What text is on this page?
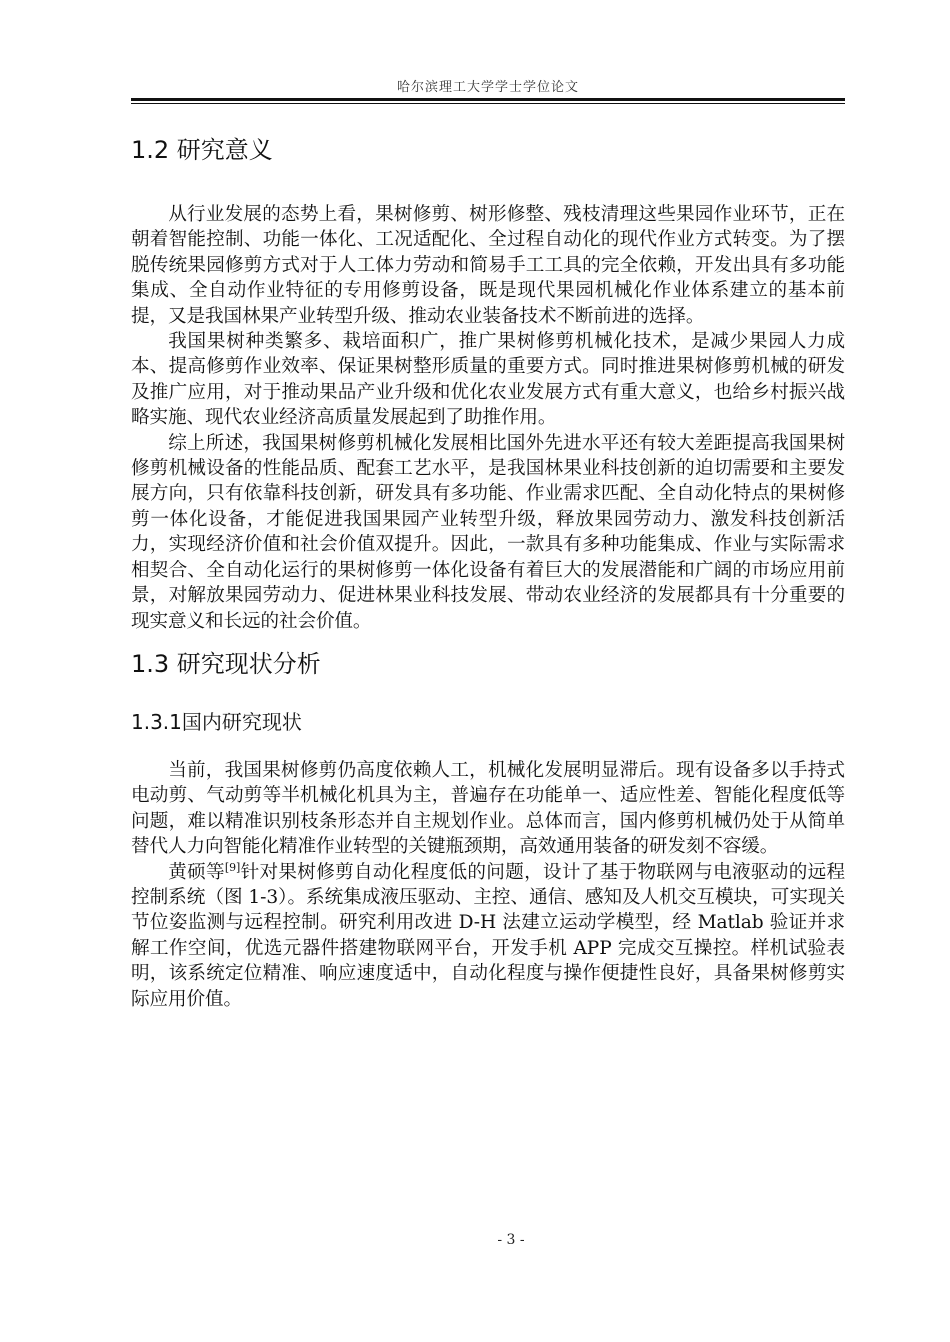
哈尔滨理工大学学士学位论文
1.2 研究意义

从行业发展的态势上看，果树修剪、树形修整、残枝清理这些果园作业环节，正在朝着智能控制、功能一体化、工况适配化、全过程自动化的现代作业方式转变。为了摆脱传统果园修剪方式对于人工体力劳动和简易手工工具的完全依赖，开发出具有多功能集成、全自动作业特征的专用修剪设备，既是现代果园机械化作业体系建立的基本前提，又是我国林果产业转型升级、推动农业装备技术不断前进的选择。

我国果树种类繁多、栽培面积广，推广果树修剪机械化技术，是减少果园人力成本、提高修剪作业效率、保证果树整形质量的重要方式。同时推进果树修剪机械的研发及推广应用，对于推动果品产业升级和优化农业发展方式有重大意义，也给乡村振兴战略实施、现代农业经济高质量发展起到了助推作用。

综上所述，我国果树修剪机械化发展相比国外先进水平还有较大差距提高我国果树修剪机械设备的性能品质、配套工艺水平，是我国林果业科技创新的迫切需要和主要发展方向，只有依靠科技创新，研发具有多功能、作业需求匹配、全自动化特点的果树修剪一体化设备，才能促进我国果园产业转型升级，释放果园劳动力、激发科技创新活力，实现经济价值和社会价值双提升。因此，一款具有多种功能集成、作业与实际需求相契合、全自动化运行的果树修剪一体化设备有着巨大的发展潜能和广阔的市场应用前景，对解放果园劳动力、促进林果业科技发展、带动农业经济的发展都具有十分重要的现实意义和长远的社会价值。

1.3 研究现状分析
1.3.1国内研究现状

当前，我国果树修剪仍高度依赖人工，机械化发展明显滞后。现有设备多以手持式电动剪、气动剪等半机械化机具为主，普遍存在功能单一、适应性差、智能化程度低等问题，难以精准识别枝条形态并自主规划作业。总体而言，国内修剪机械仍处于从简单替代人力向智能化精准作业转型的关键瓶颈期，高效通用装备的研发刻不容缓。

黄硕等[9]针对果树修剪自动化程度低的问题，设计了基于物联网与电液驱动的远程控制系统（图 1-3）。系统集成液压驱动、主控、通信、感知及人机交互模块，可实现关节位姿监测与远程控制。研究利用改进 D-H 法建立运动学模型，经 Matlab 验证并求解工作空间，优选元器件搭建物联网平台，开发手机 APP 完成交互操控。样机试验表明，该系统定位精准、响应速度适中，自动化程度与操作便捷性良好，具备果树修剪实际应用价值。

- 3 -
